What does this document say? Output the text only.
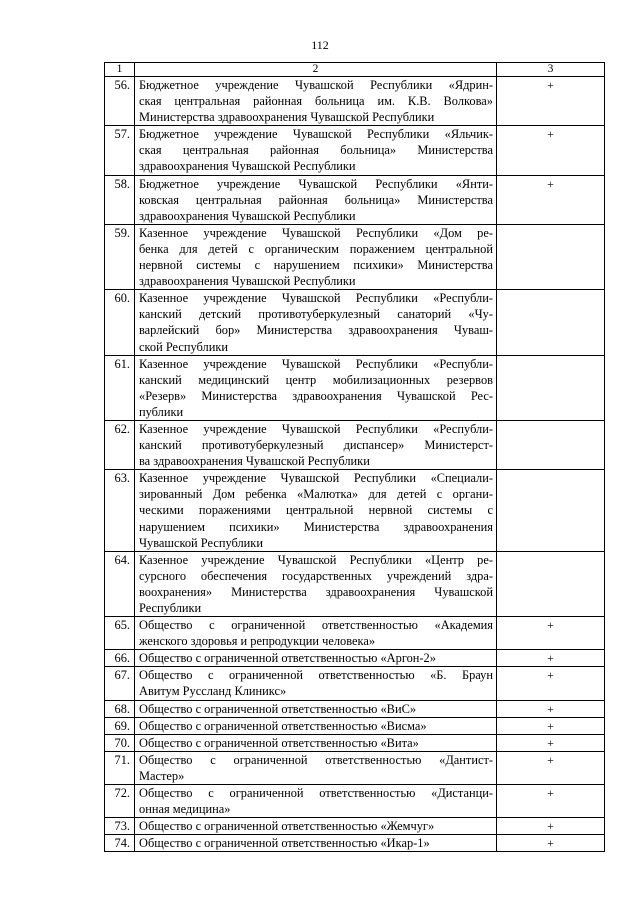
112
1	2	3
56.	Бюджетное учреждение Чувашской Республики «Ядрин-
ская центральная районная больница им. К.В. Волкова»
Министерства здравоохранения Чувашской Республики	+
57.	Бюджетное учреждение Чувашской Республики «Яльчик-
ская центральная районная больница» Министерства
здравоохранения Чувашской Республики	+
58.	Бюджетное учреждение Чувашской Республики «Янти-
ковская центральная районная больница» Министерства
здравоохранения Чувашской Республики	+
59.	Казенное учреждение Чувашской Республики «Дом ре-
бенка для детей с органическим поражением центральной
нервной системы с нарушением психики» Министерства
здравоохранения Чувашской Республики	

60.	Казенное учреждение Чувашской Республики «Республи-
канский детский противотуберкулезный санаторий «Чу-
варлейский бор» Министерства здравоохранения Чуваш-
ской Республики	

61.	Казенное учреждение Чувашской Республики «Республи-
канский медицинский центр мобилизационных резервов
«Резерв» Министерства здравоохранения Чувашской Рес-
публики	

62.	Казенное учреждение Чувашской Республики «Республи-
канский противотуберкулезный диспансер» Министерст-
ва здравоохранения Чувашской Республики	

63.	Казенное учреждение Чувашской Республики «Специали-
зированный Дом ребенка «Малютка» для детей с органи-
ческими поражениями центральной нервной системы с
нарушением психики» Министерства здравоохранения
Чувашской Республики	

64.	Казенное учреждение Чувашской Республики «Центр ре-
сурсного обеспечения государственных учреждений здра-
воохранения» Министерства здравоохранения Чувашской
Республики	

65.	Общество с ограниченной ответственностью «Академия
женского здоровья и репродукции человека»	+
66.	Общество с ограниченной ответственностью «Аргон-2»	+
67.	Общество с ограниченной ответственностью «Б. Браун
Авитум Руссланд Клиникс»	+
68.	Общество с ограниченной ответственностью «ВиС»	+
69.	Общество с ограниченной ответственностью «Висма»	+
70.	Общество с ограниченной ответственностью «Вита»	+
71.	Общество с ограниченной ответственностью «Дантист-
Мастер»	+
72.	Общество с ограниченной ответственностью «Дистанци-
онная медицина»	+
73.	Общество с ограниченной ответственностью «Жемчуг»	+
74.	Общество с ограниченной ответственностью «Икар-1»	+
